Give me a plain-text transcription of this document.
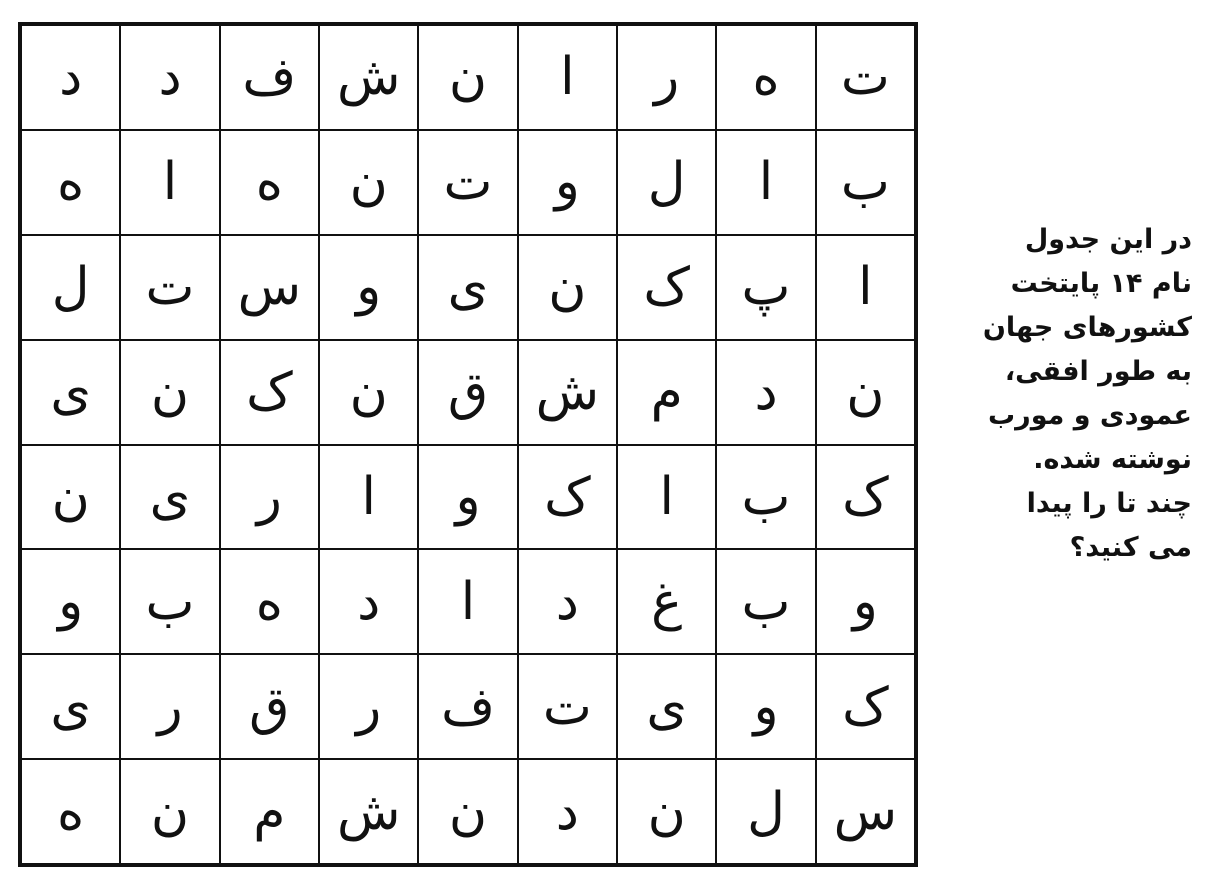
ت
ه
ر
ا
ن
ش
ف
د
د
ب
ا
ل
و
ت
ن
ه
ا
ه
ا
پ
ک
ن
ی
و
س
ت
ل
ن
د
م
ش
ق
ن
ک
ن
ی
ک
ب
ا
ک
و
ا
ر
ی
ن
و
ب
غ
د
ا
د
ه
ب
و
ک
و
ی
ت
ف
ر
ق
ر
ی
س
ل
ن
د
ن
ش
م
ن
ه
در این جدول
نام ۱۴ پایتخت
کشورهای جهان
به طور افقی،
عمودی و مورب
نوشته شده.
چند تا را پیدا
می کنید؟
